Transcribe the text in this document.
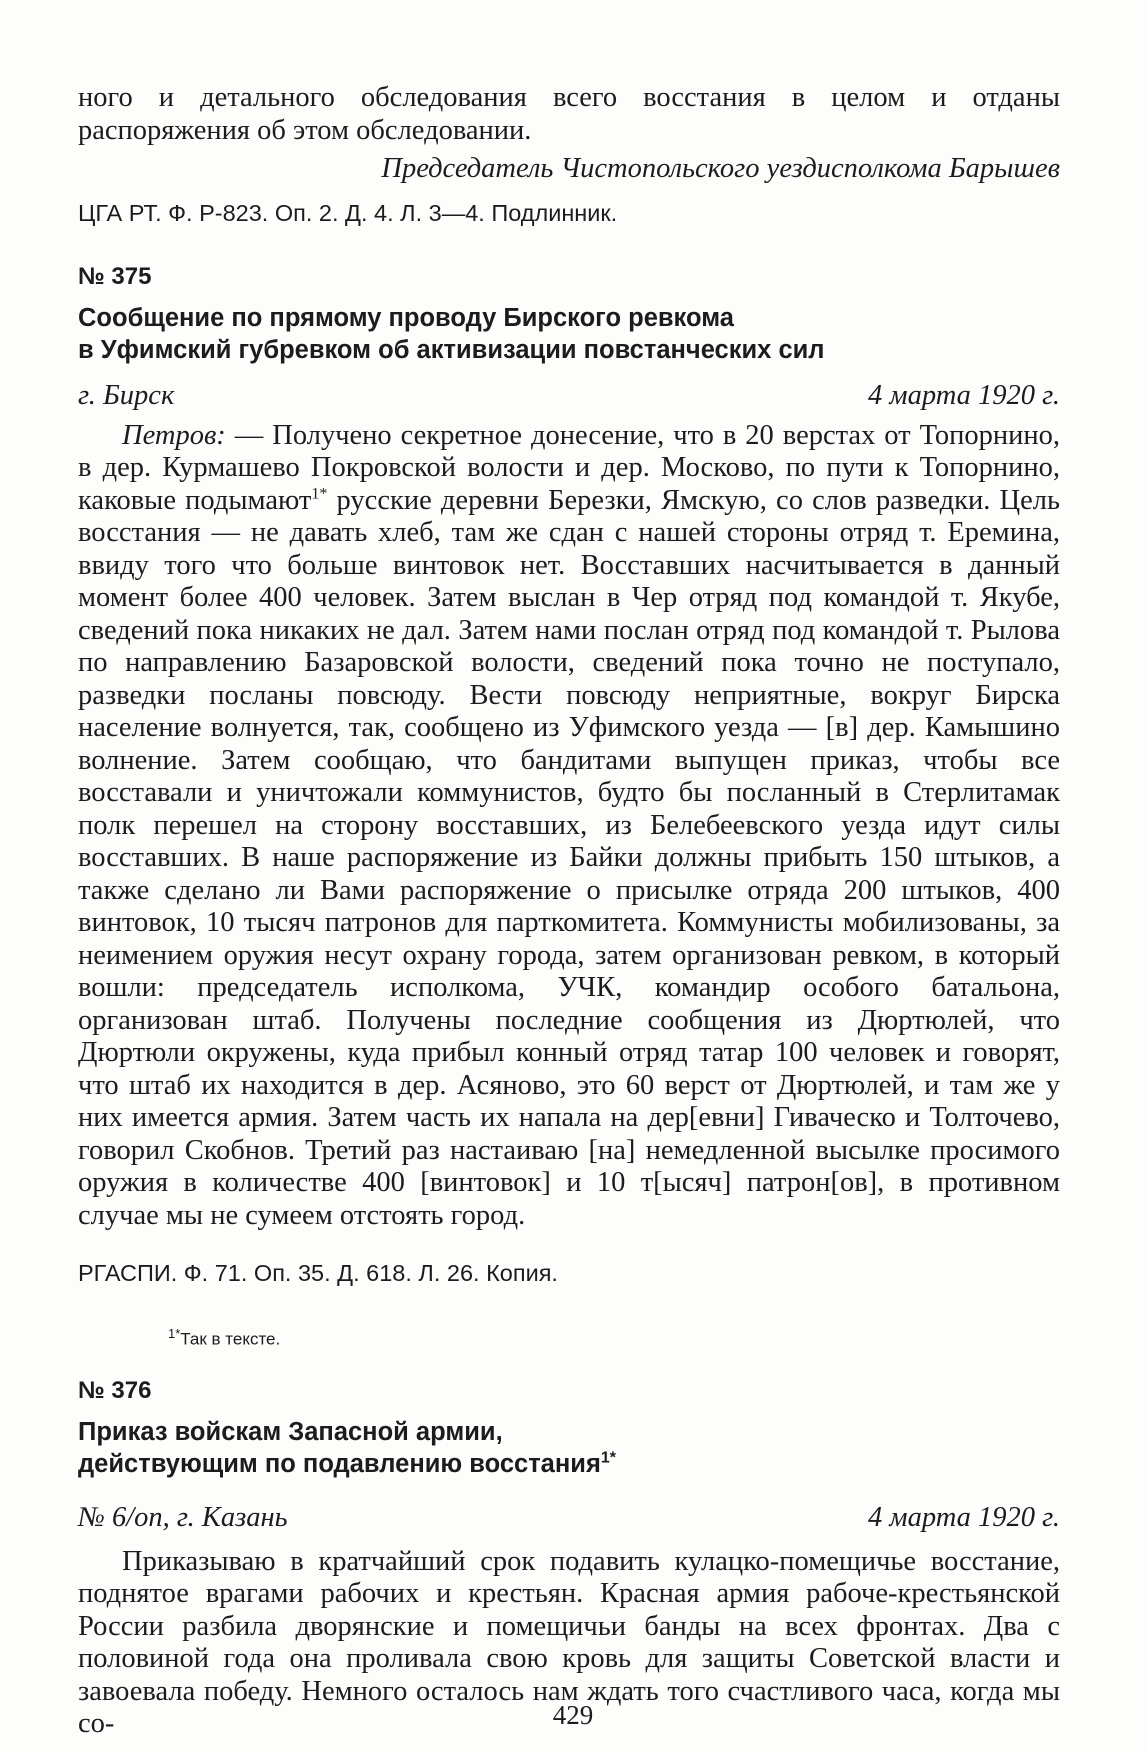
ного и детального обследования всего восстания в целом и отданы распоряжения об этом обследовании.

Председатель Чистопольского уездисполкома Барышев

ЦГА РТ. Ф. Р-823. Оп. 2. Д. 4. Л. 3—4. Подлинник.

№ 375
Сообщение по прямому проводу Бирского ревкома
в Уфимский губревком об активизации повстанческих сил
г. Бирск	4 марта 1920 г.

Петров: — Получено секретное донесение, что в 20 верстах от Топорнино, в дер. Курмашево Покровской волости и дер. Москово, по пути к Топорнино, каковые подымают$^{1*}$ русские деревни Березки, Ямскую, со слов разведки. Цель восстания — не давать хлеб, там же сдан с нашей стороны отряд т. Еремина, ввиду того что больше винтовок нет. Восставших насчитывается в данный момент более 400 человек. Затем выслан в Чер отряд под командой т. Якубе, сведений пока никаких не дал. Затем нами послан отряд под командой т. Рылова по направлению Базаровской волости, сведений пока точно не поступало, разведки посланы повсюду. Вести повсюду неприятные, вокруг Бирска население волнуется, так, сообщено из Уфимского уезда — [в] дер. Камышино волнение. Затем сообщаю, что бандитами выпущен приказ, чтобы все восставали и уничтожали коммунистов, будто бы посланный в Стерлитамак полк перешел на сторону восставших, из Белебеевского уезда идут силы восставших. В наше распоряжение из Байки должны прибыть 150 штыков, а также сделано ли Вами распоряжение о присылке отряда 200 штыков, 400 винтовок, 10 тысяч патронов для парткомитета. Коммунисты мобилизованы, за неимением оружия несут охрану города, затем организован ревком, в который вошли: председатель исполкома, УЧК, командир особого батальона, организован штаб. Получены последние сообщения из Дюртюлей, что Дюртюли окружены, куда прибыл конный отряд татар 100 человек и говорят, что штаб их находится в дер. Асяново, это 60 верст от Дюртюлей, и там же у них имеется армия. Затем часть их напала на дер[евни] Гиваческо и Толточево, говорил Скобнов. Третий раз настаиваю [на] немедленной высылке просимого оружия в количестве 400 [винтовок] и 10 т[ысяч] патрон[ов], в противном случае мы не сумеем отстоять город.

РГАСПИ. Ф. 71. Оп. 35. Д. 618. Л. 26. Копия.

$^{1*}$Так в тексте.
№ 376
Приказ войскам Запасной армии,
действующим по подавлению восстания$^{1*}$
№ 6/оп, г. Казань	4 марта 1920 г.

Приказываю в кратчайший срок подавить кулацко-помещичье восстание, поднятое врагами рабочих и крестьян. Красная армия рабоче-крестьянской России разбила дворянские и помещичьи банды на всех фронтах. Два с половиной года она проливала свою кровь для защиты Советской власти и завоевала победу. Немного осталось нам ждать того счастливого часа, когда мы со-	429
